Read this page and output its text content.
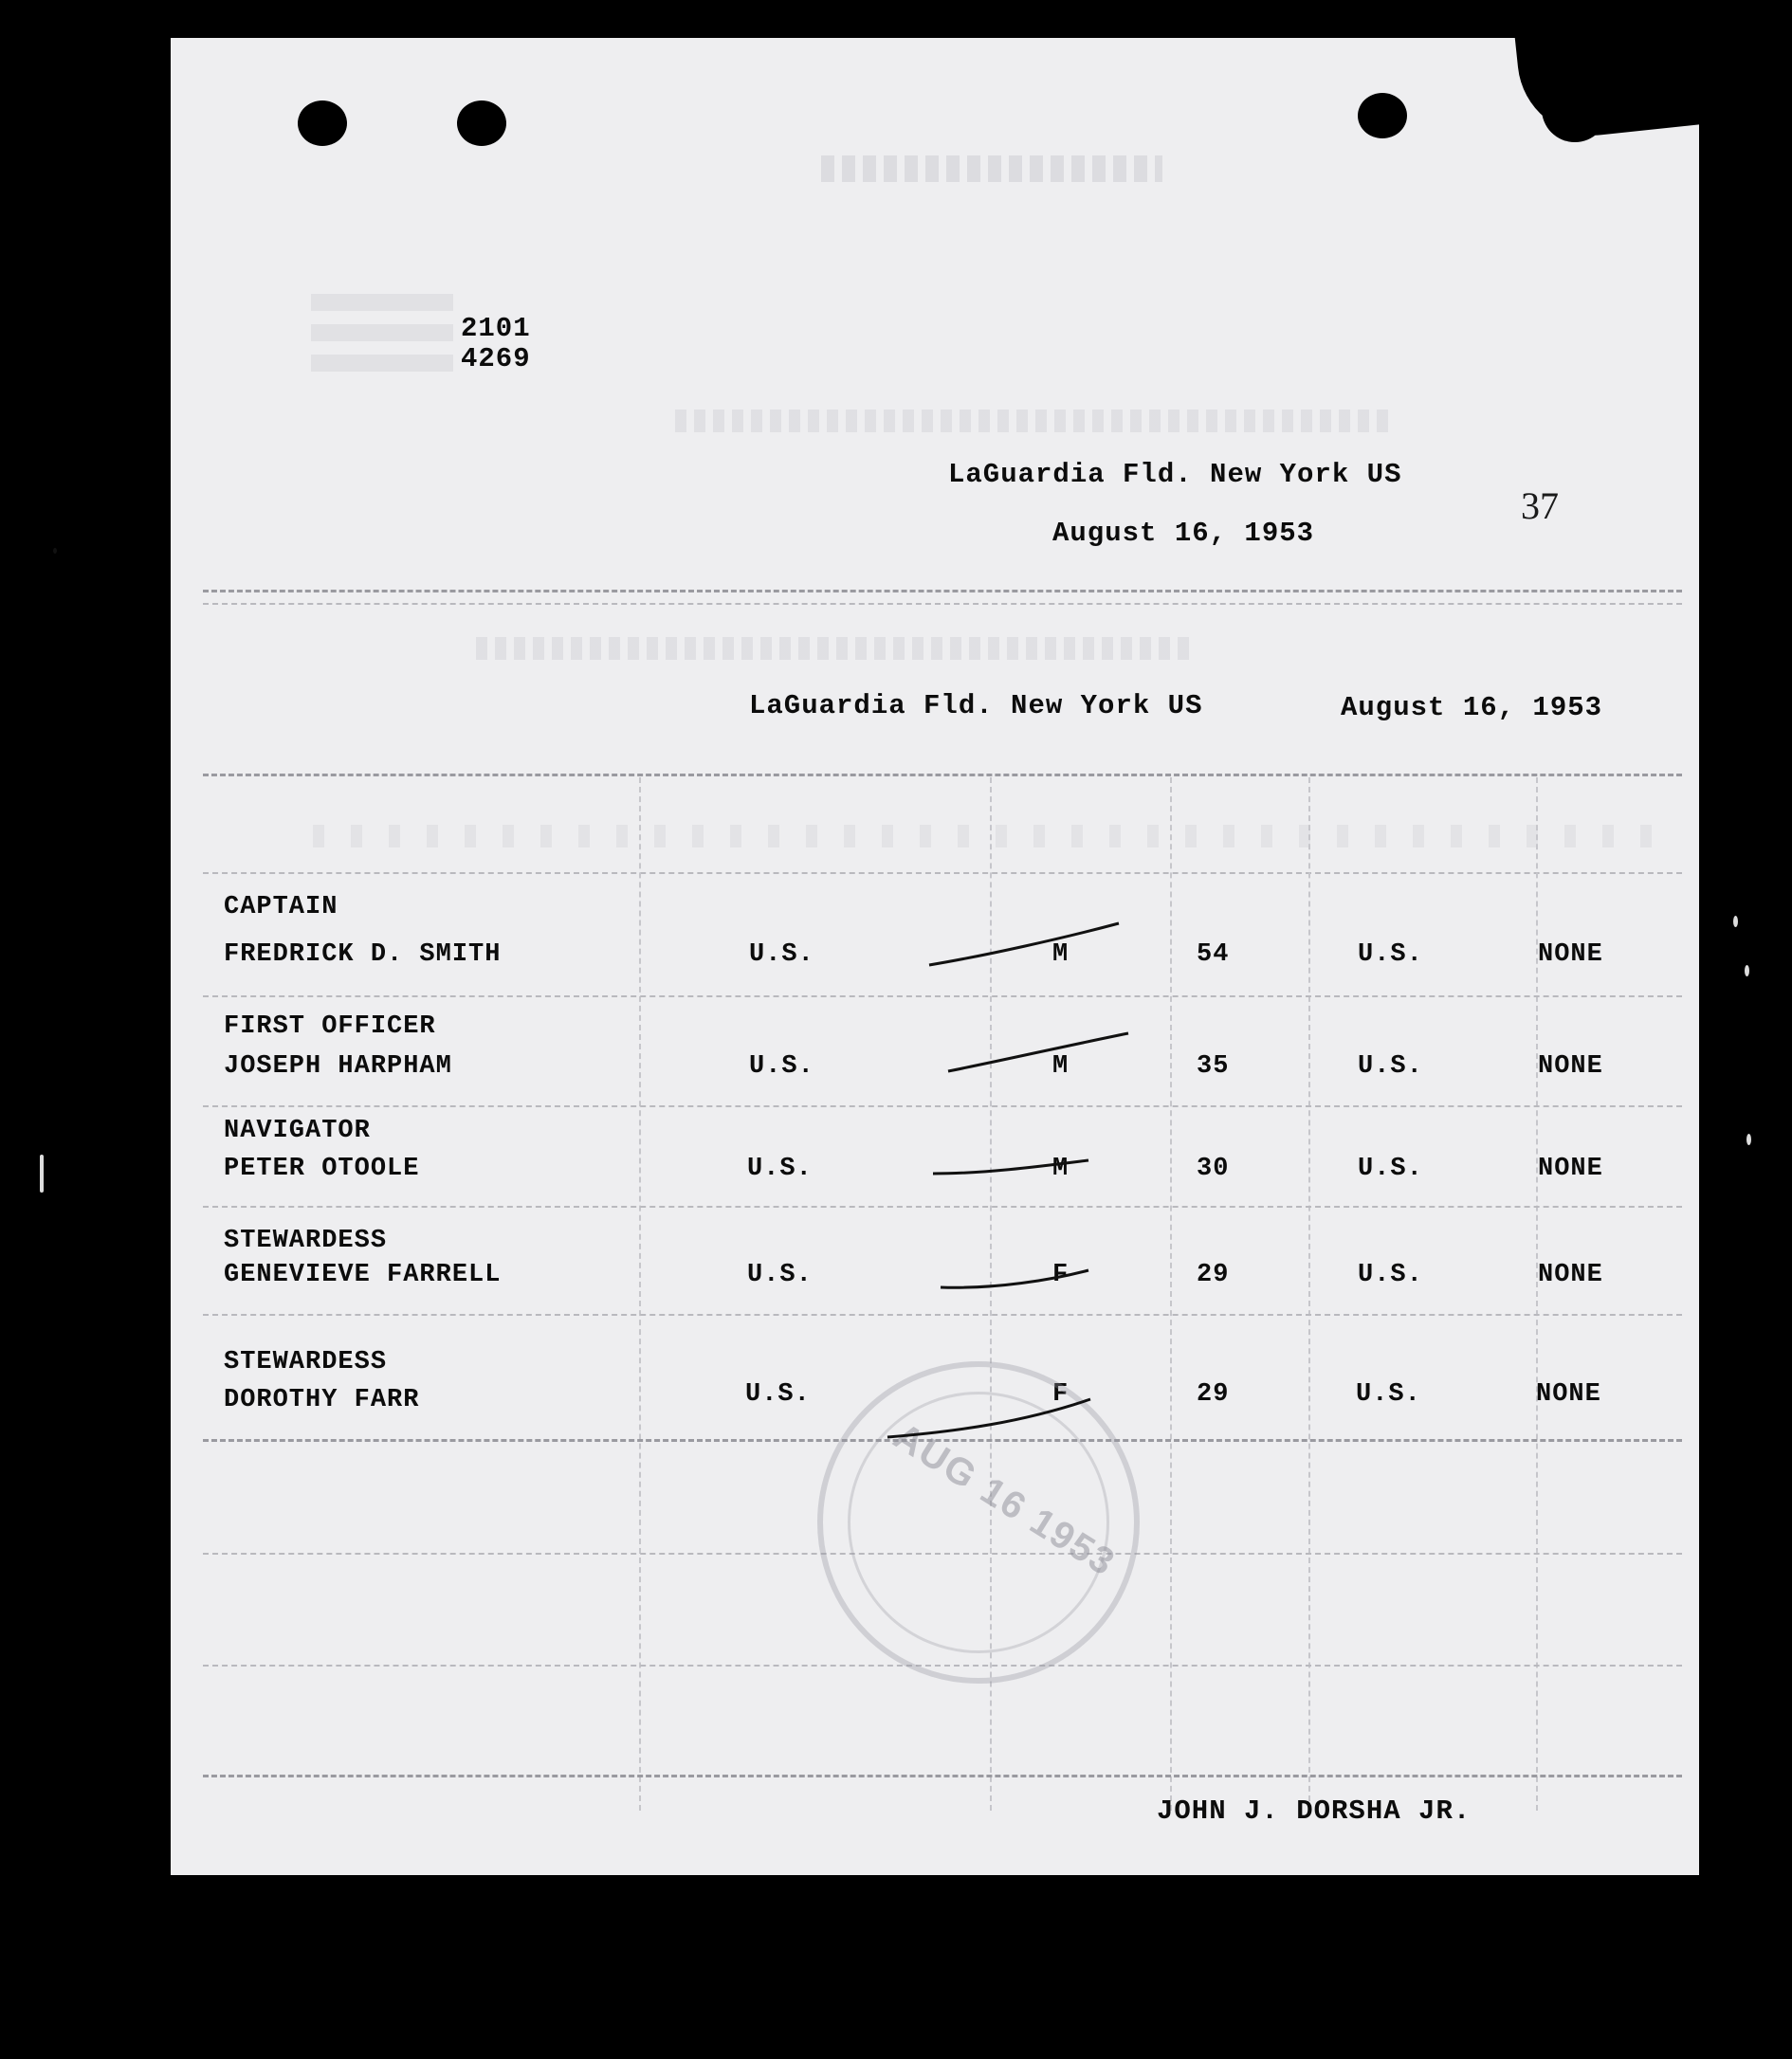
2101
4269
37
LaGuardia Fld. New York US
August 16, 1953
LaGuardia Fld. New York US	August 16, 1953
CAPTAIN
FREDRICK D. SMITH	U.S.	M	54	U.S.	NONE
FIRST OFFICER
JOSEPH HARPHAM	U.S.	M	35	U.S.	NONE
NAVIGATOR
PETER OTOOLE	U.S.	M	30	U.S.	NONE
STEWARDESS
GENEVIEVE FARRELL	U.S.	F	29	U.S.	NONE
STEWARDESS
DOROTHY FARR	U.S.	F	29	U.S.	NONE
AUG 16 1953
JOHN J. DORSHA JR.
